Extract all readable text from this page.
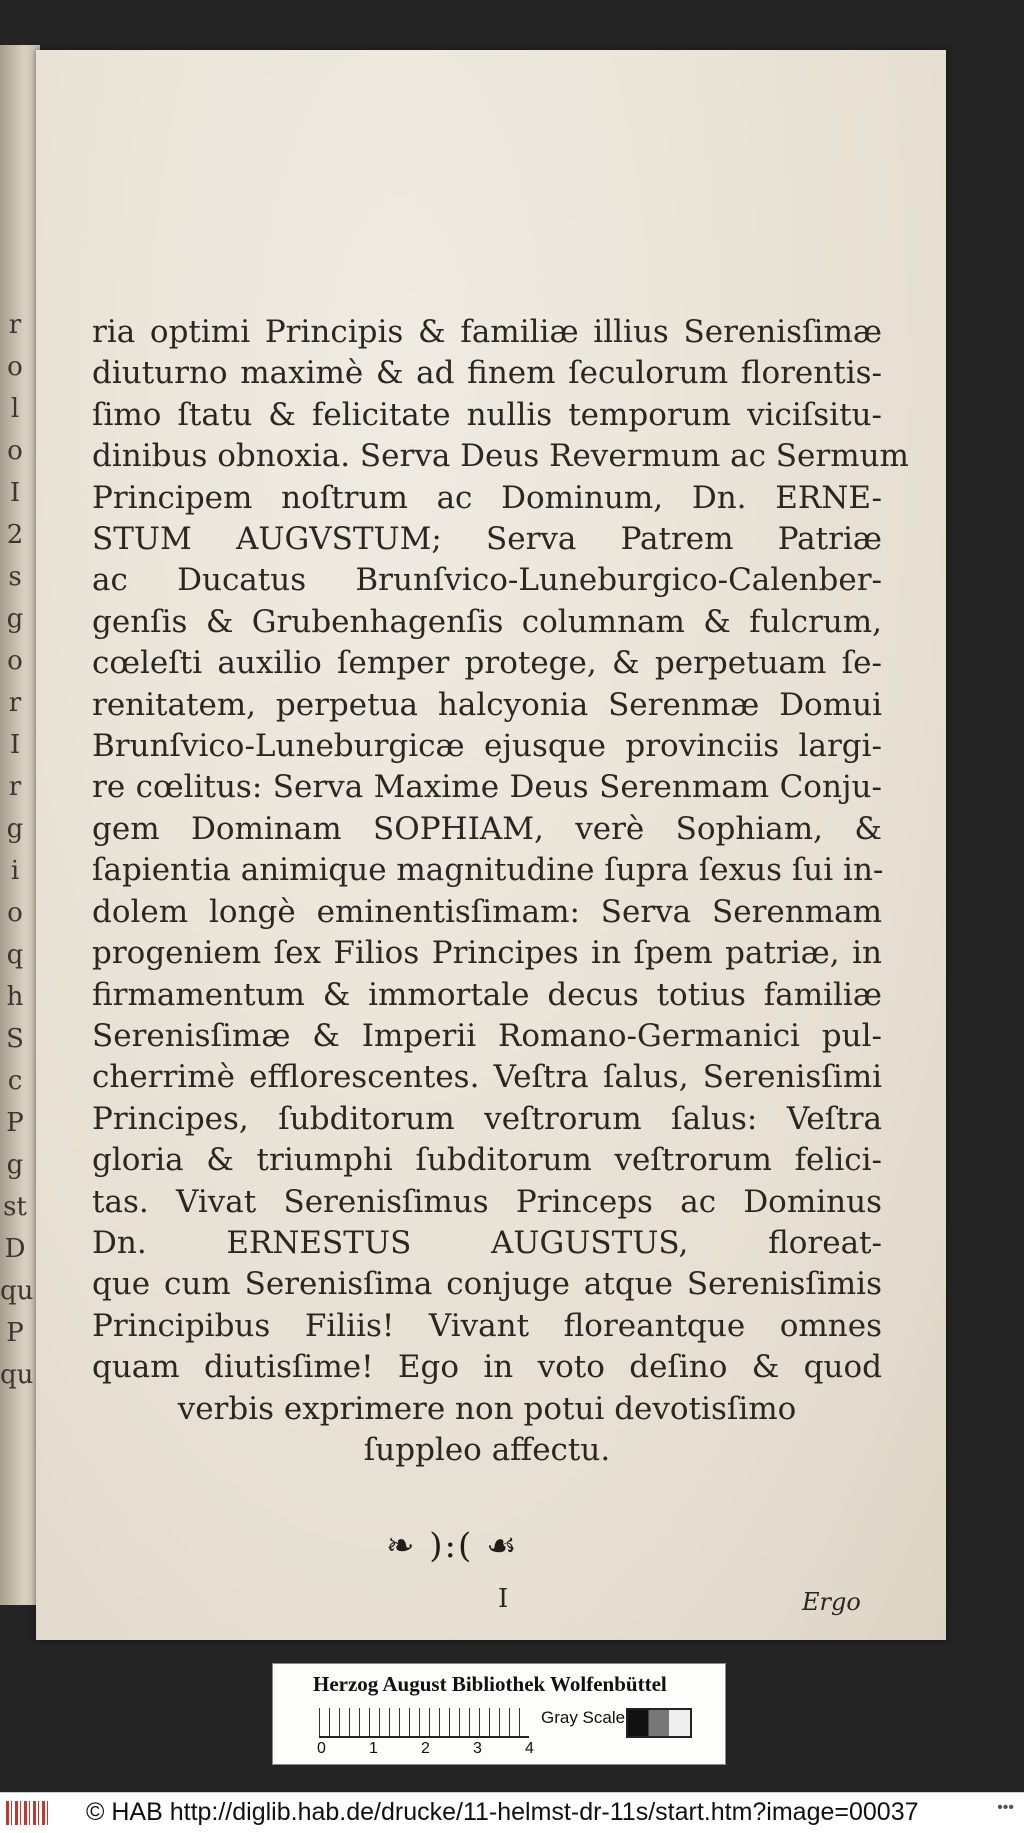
r
o
l
o
I
2
s
g
o
r
I
r
g
i
o
q
h
S
c
P
g
st
D
qu
P
qu
ria optimi Principis & familiæ illius Serenisſimæ
diuturno maximè & ad finem ſeculorum florentis-
ſimo ſtatu & felicitate nullis temporum viciſsitu-
dinibus obnoxia. Serva Deus Revermum ac Sermum
Principem noſtrum ac Dominum, Dn. ERNE-
STUM AUGVSTUM; Serva Patrem Patriæ
ac Ducatus Brunſvico-Luneburgico-Calenber-
genſis & Grubenhagenſis columnam & fulcrum,
cœleſti auxilio ſemper protege, & perpetuam ſe-
renitatem, perpetua halcyonia Serenmæ Domui
Brunſvico-Luneburgicæ ejusque provinciis largi-
re cœlitus: Serva Maxime Deus Serenmam Conju-
gem Dominam SOPHIAM, verè Sophiam, &
ſapientia animique magnitudine ſupra ſexus ſui in-
dolem longè eminentisſimam: Serva Serenmam
progeniem ſex Filios Principes in ſpem patriæ, in
firmamentum & immortale decus totius familiæ
Serenisſimæ & Imperii Romano-Germanici pul-
cherrimè efflorescentes. Veſtra ſalus, Serenisſimi
Principes, ſubditorum veſtrorum ſalus: Veſtra
gloria & triumphi ſubditorum veſtrorum felici-
tas. Vivat Serenisſimus Princeps ac Dominus
Dn. ERNESTUS AUGUSTUS, floreat-
que cum Serenisſima conjuge atque Serenisſimis
Principibus Filiis! Vivant floreantque omnes
quam diutisſime! Ego in voto deſino & quod
verbis exprimere non potui devotisſimo
ſuppleo affectu.
❧ ):( ☙
I	Ergo
Herzog August Bibliothek Wolfenbüttel
0	1	2	3	4
Gray Scale
© HAB http://diglib.hab.de/drucke/11-helmst-dr-11s/start.htm?image=00037	•••
